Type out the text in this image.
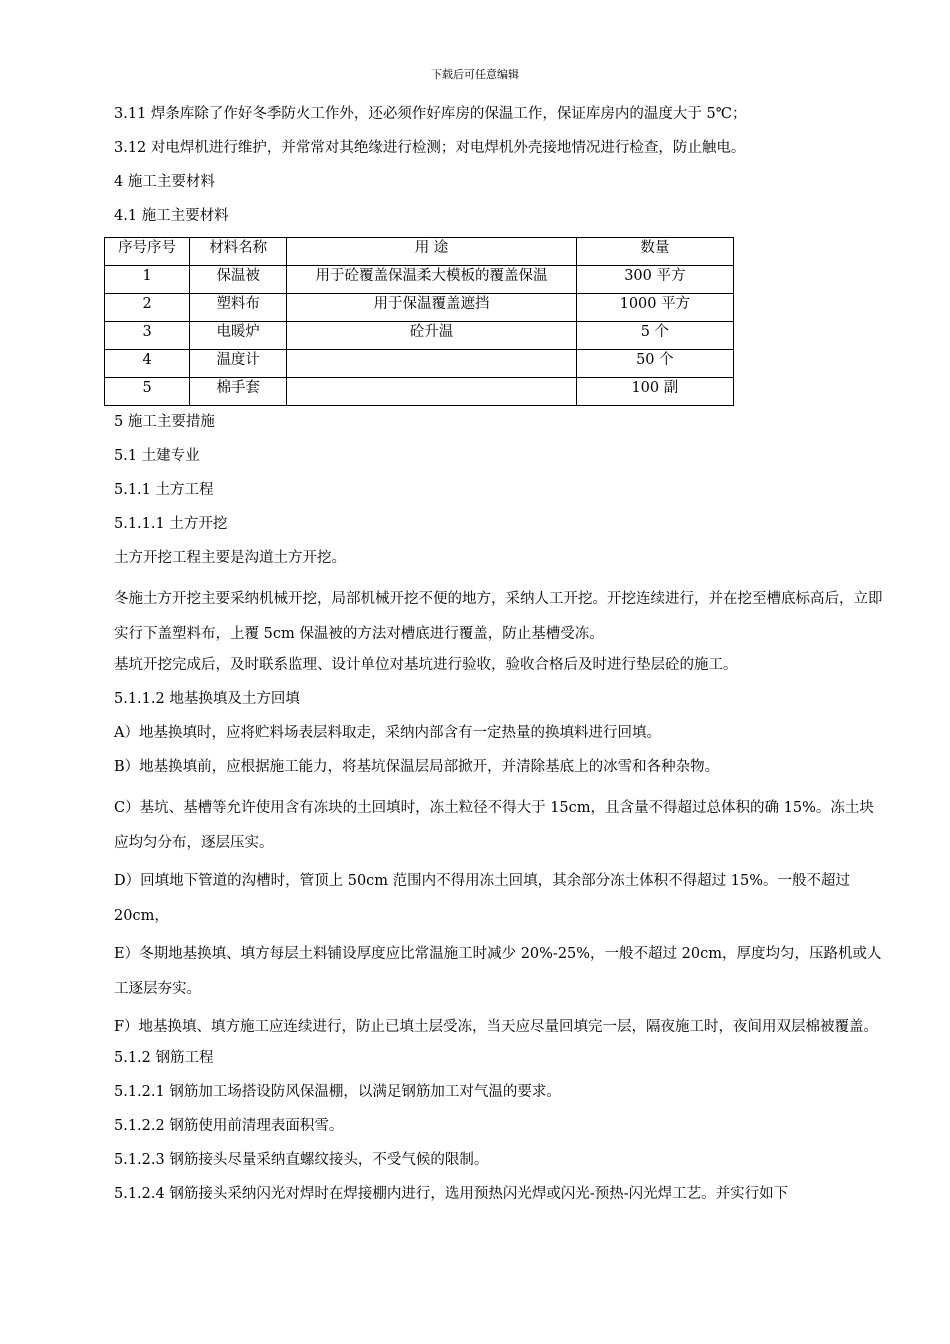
下载后可任意编辑

3.11 焊条库除了作好冬季防火工作外，还必须作好库房的保温工作，保证库房内的温度大于 5℃；

3.12 对电焊机进行维护，并常常对其绝缘进行检测；对电焊机外壳接地情况进行检查，防止触电。

4 施工主要材料

4.1 施工主要材料

序号序号	材料名称	用 途	数量
1	保温被	用于砼覆盖保温柔大模板的覆盖保温	300 平方
2	塑料布	用于保温覆盖遮挡	1000 平方
3	电暖炉	砼升温	5 个
4	温度计		50 个
5	棉手套		100 副

5 施工主要措施

5.1 土建专业

5.1.1 土方工程

5.1.1.1 土方开挖

土方开挖工程主要是沟道土方开挖。

冬施土方开挖主要采纳机械开挖，局部机械开挖不便的地方，采纳人工开挖。开挖连续进行，并在挖至槽底标高后，立即实行下盖塑料布，上覆 5cm 保温被的方法对槽底进行覆盖，防止基槽受冻。

基坑开挖完成后，及时联系监理、设计单位对基坑进行验收，验收合格后及时进行垫层砼的施工。

5.1.1.2 地基换填及土方回填

A）地基换填时，应将贮料场表层料取走，采纳内部含有一定热量的换填料进行回填。

B）地基换填前，应根据施工能力，将基坑保温层局部掀开，并清除基底上的冰雪和各种杂物。

C）基坑、基槽等允许使用含有冻块的土回填时，冻土粒径不得大于 15cm，且含量不得超过总体积的确 15%。冻土块应均匀分布，逐层压实。

D）回填地下管道的沟槽时，管顶上 50cm 范围内不得用冻土回填，其余部分冻土体积不得超过 15%。一般不超过 20cm，

E）冬期地基换填、填方每层土料铺设厚度应比常温施工时减少 20%-25%，一般不超过 20cm，厚度均匀，压路机或人工逐层夯实。

F）地基换填、填方施工应连续进行，防止已填土层受冻，当天应尽量回填完一层，隔夜施工时，夜间用双层棉被覆盖。

5.1.2 钢筋工程

5.1.2.1 钢筋加工场搭设防风保温棚，以满足钢筋加工对气温的要求。

5.1.2.2 钢筋使用前清理表面积雪。

5.1.2.3 钢筋接头尽量采纳直螺纹接头，不受气候的限制。

5.1.2.4 钢筋接头采纳闪光对焊时在焊接棚内进行，选用预热闪光焊或闪光-预热-闪光焊工艺。并实行如下
